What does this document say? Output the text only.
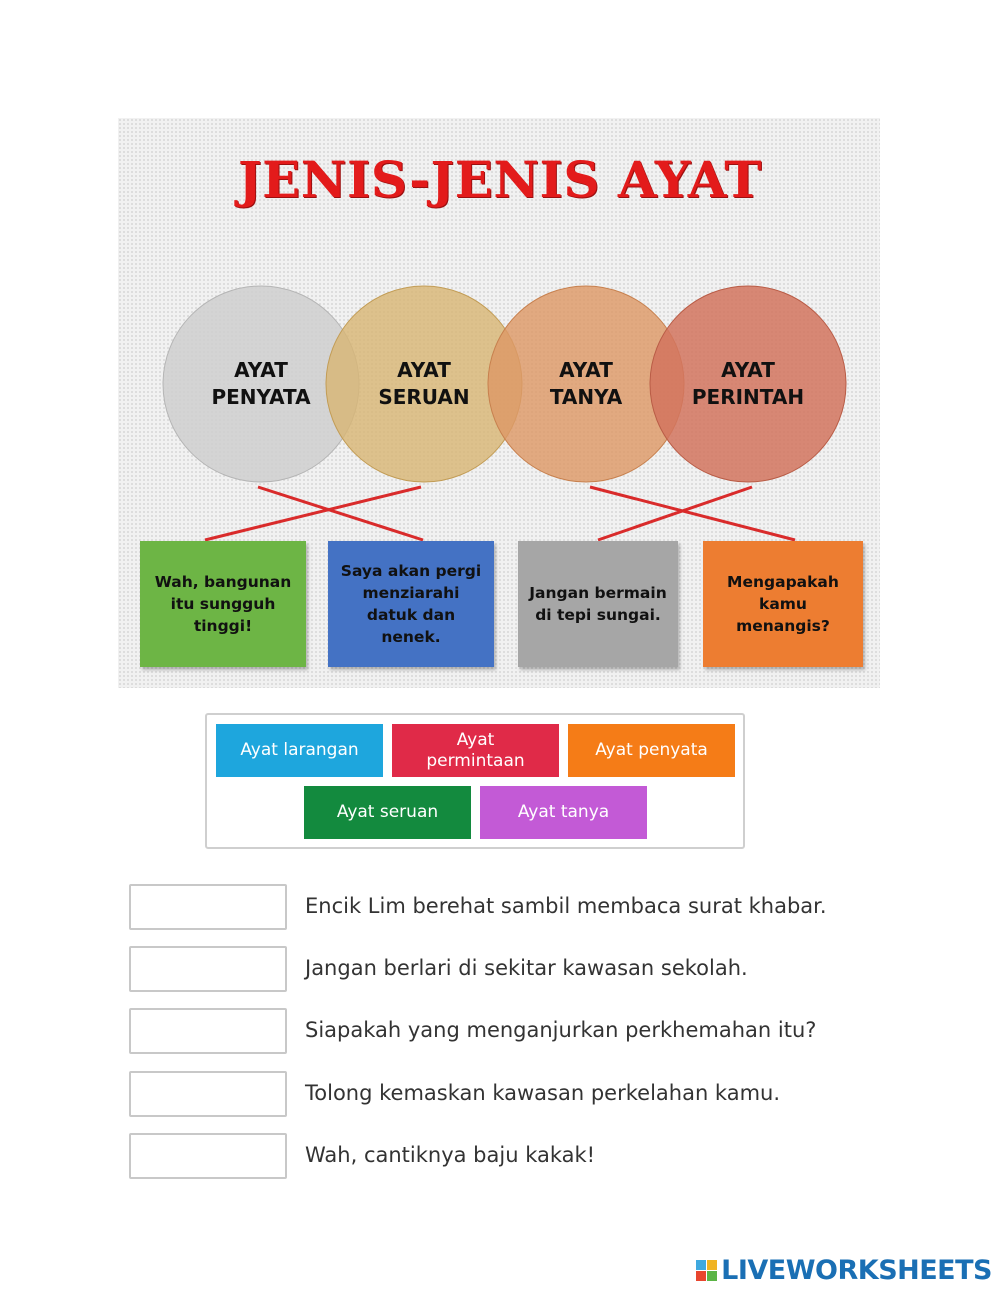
JENIS-JENIS AYAT
AYAT
PENYATA
AYAT
SERUAN
AYAT
TANYA
AYAT
PERINTAH
Wah, bangunan itu sungguh tinggi!
Saya akan pergi menziarahi datuk dan nenek.
Jangan bermain di tepi sungai.
Mengapakah kamu menangis?
Ayat larangan
Ayat permintaan
Ayat penyata
Ayat seruan	Ayat tanya
Encik Lim berehat sambil membaca surat khabar.
Jangan berlari di sekitar kawasan sekolah.
Siapakah yang menganjurkan perkhemahan itu?
Tolong kemaskan kawasan perkelahan kamu.
Wah, cantiknya baju kakak!
LIVEWORKSHEETS
